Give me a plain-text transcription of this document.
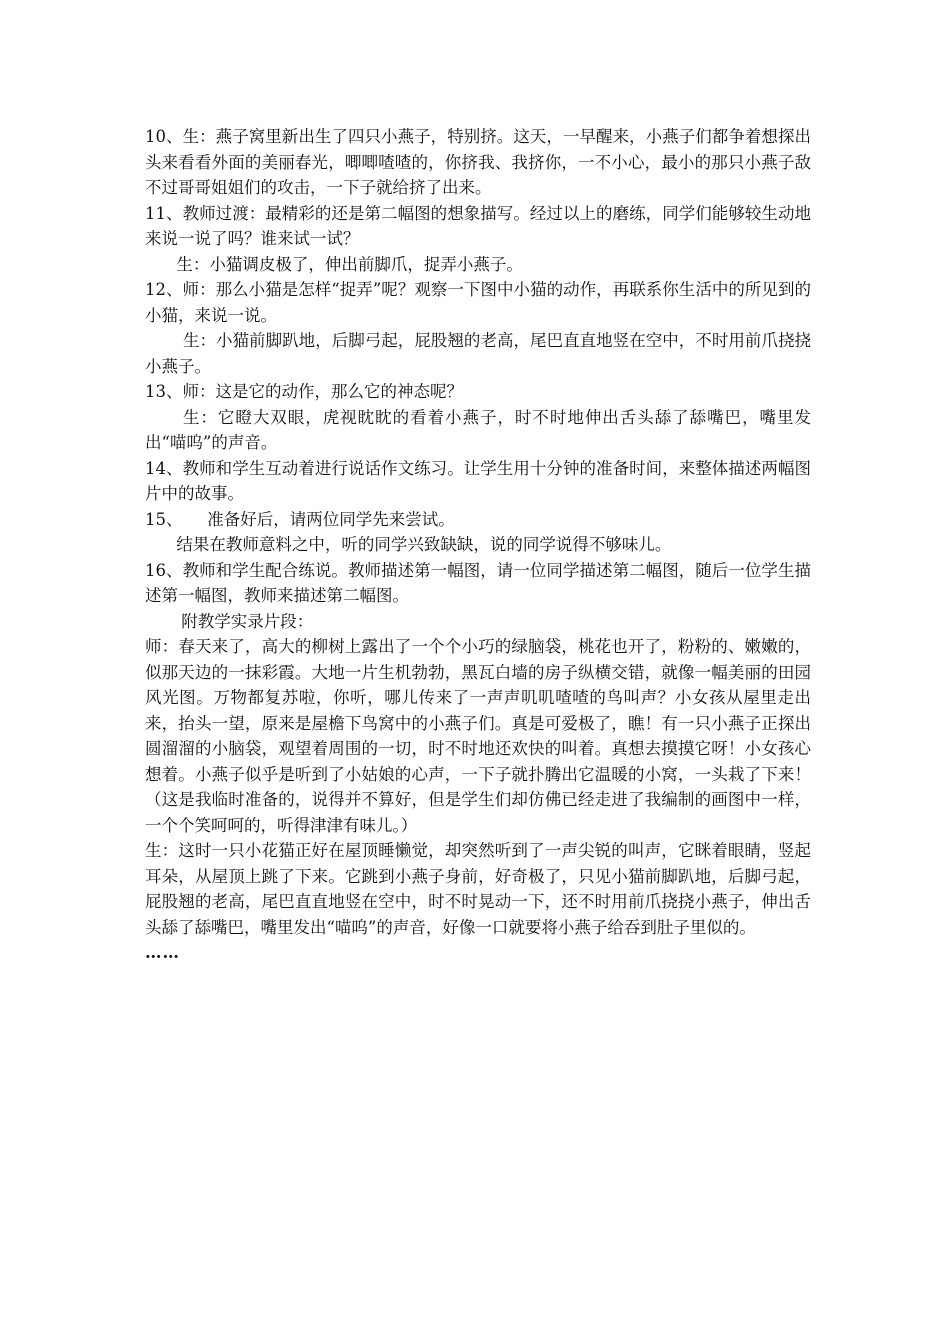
10、生：燕子窝里新出生了四只小燕子，特别挤。这天，一早醒来，小燕子们都争着想探出头来看看外面的美丽春光，唧唧喳喳的，你挤我、我挤你，一不小心，最小的那只小燕子敌不过哥哥姐姐们的攻击，一下子就给挤了出来。

11、教师过渡：最精彩的还是第二幅图的想象描写。经过以上的磨练，同学们能够较生动地来说一说了吗？谁来试一试？

生：小猫调皮极了，伸出前脚爪，捉弄小燕子。

12、师：那么小猫是怎样“捉弄”呢？观察一下图中小猫的动作，再联系你生活中的所见到的小猫，来说一说。

生：小猫前脚趴地，后脚弓起，屁股翘的老高，尾巴直直地竖在空中，不时用前爪挠挠小燕子。

13、师：这是它的动作，那么它的神态呢？

生：它瞪大双眼，虎视眈眈的看着小燕子，时不时地伸出舌头舔了舔嘴巴，嘴里发出“喵呜”的声音。

14、教师和学生互动着进行说话作文练习。让学生用十分钟的准备时间，来整体描述两幅图片中的故事。

15、　　准备好后，请两位同学先来尝试。

结果在教师意料之中，听的同学兴致缺缺，说的同学说得不够味儿。

16、教师和学生配合练说。教师描述第一幅图，请一位同学描述第二幅图，随后一位学生描述第一幅图，教师来描述第二幅图。

附教学实录片段：

师：春天来了，高大的柳树上露出了一个个小巧的绿脑袋，桃花也开了，粉粉的、嫩嫩的，似那天边的一抹彩霞。大地一片生机勃勃，黑瓦白墙的房子纵横交错，就像一幅美丽的田园风光图。万物都复苏啦，你听，哪儿传来了一声声叽叽喳喳的鸟叫声？小女孩从屋里走出来，抬头一望，原来是屋檐下鸟窝中的小燕子们。真是可爱极了，瞧！有一只小燕子正探出圆溜溜的小脑袋，观望着周围的一切，时不时地还欢快的叫着。真想去摸摸它呀！小女孩心想着。小燕子似乎是听到了小姑娘的心声，一下子就扑腾出它温暖的小窝，一头栽了下来！（这是我临时准备的，说得并不算好，但是学生们却仿佛已经走进了我编制的画图中一样，一个个笑呵呵的，听得津津有味儿。）

生：这时一只小花猫正好在屋顶睡懒觉，却突然听到了一声尖锐的叫声，它眯着眼睛，竖起耳朵，从屋顶上跳了下来。它跳到小燕子身前，好奇极了，只见小猫前脚趴地，后脚弓起，屁股翘的老高，尾巴直直地竖在空中，时不时晃动一下，还不时用前爪挠挠小燕子，伸出舌头舔了舔嘴巴，嘴里发出“喵呜”的声音，好像一口就要将小燕子给吞到肚子里似的。

……
